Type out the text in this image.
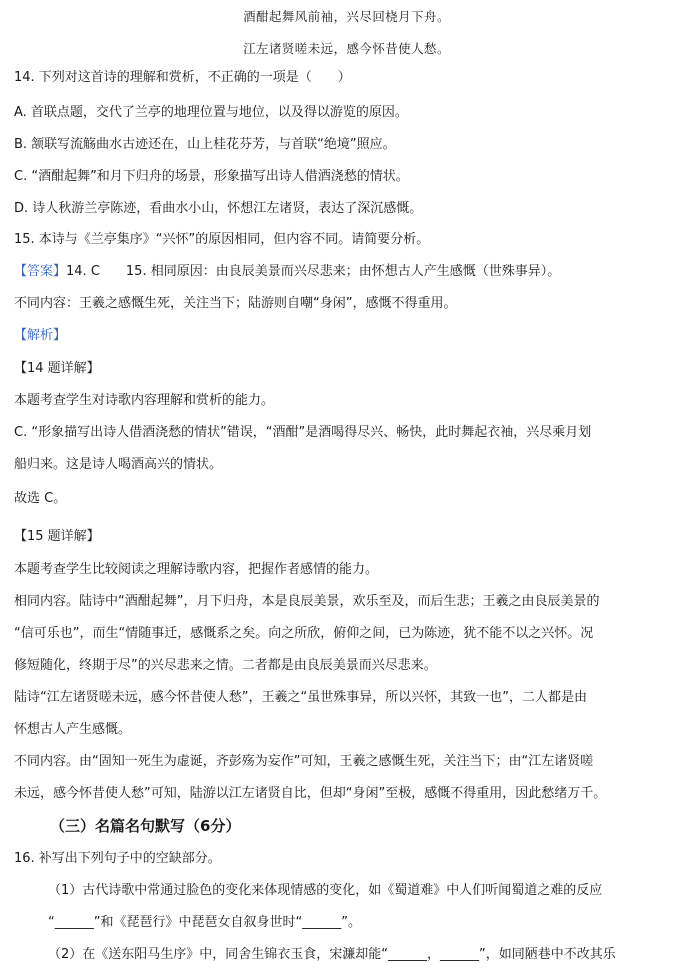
酒酣起舞风前袖，兴尽回桡月下舟。
江左诸贤嗟未远，感今怀昔使人愁。
14. 下列对这首诗的理解和赏析，不正确的一项是（　　）
A. 首联点题，交代了兰亭的地理位置与地位，以及得以游览的原因。
B. 颔联写流觞曲水古迹还在，山上桂花芬芳，与首联“绝境”照应。
C. “酒酣起舞”和月下归舟的场景，形象描写出诗人借酒浇愁的情状。
D. 诗人秋游兰亭陈迹，看曲水小山，怀想江左诸贤，表达了深沉感慨。
15. 本诗与《兰亭集序》“兴怀”的原因相同，但内容不同。请简要分析。
【答案】14. C　　15. 相同原因：由良辰美景而兴尽悲来；由怀想古人产生感慨（世殊事异）。
不同内容：王羲之感慨生死，关注当下；陆游则自嘲“身闲”，感慨不得重用。
【解析】
【14 题详解】
本题考查学生对诗歌内容理解和赏析的能力。
C. “形象描写出诗人借酒浇愁的情状”错误，“酒酣”是酒喝得尽兴、畅快，此时舞起衣袖，兴尽乘月划
船归来。这是诗人喝酒高兴的情状。
故选 C。
【15 题详解】
本题考查学生比较阅读之理解诗歌内容，把握作者感情的能力。
相同内容。陆诗中“酒酣起舞”，月下归舟，本是良辰美景，欢乐至及，而后生悲；王羲之由良辰美景的
“信可乐也”，而生“情随事迁，感慨系之矣。向之所欣，俯仰之间，已为陈迹，犹不能不以之兴怀。况
修短随化，终期于尽”的兴尽悲来之情。二者都是由良辰美景而兴尽悲来。
陆诗“江左诸贤嗟未远，感今怀昔使人愁”，王羲之“虽世殊事异，所以兴怀，其致一也”，二人都是由
怀想古人产生感慨。
不同内容。由“固知一死生为虚诞，齐彭殇为妄作”可知，王羲之感慨生死，关注当下；由“江左诸贤嗟
未远，感今怀昔使人愁”可知，陆游以江左诸贤自比，但却“身闲”至极，感慨不得重用，因此愁绪万千。
（三）名篇名句默写（6分）
16. 补写出下列句子中的空缺部分。
（1）古代诗歌中常通过脸色的变化来体现情感的变化，如《蜀道难》中人们听闻蜀道之难的反应
“______”和《琵琶行》中琵琶女自叙身世时“______”。
（2）在《送东阳马生序》中，同舍生锦衣玉食，宋濂却能“______，______”，如同陋巷中不改其乐
